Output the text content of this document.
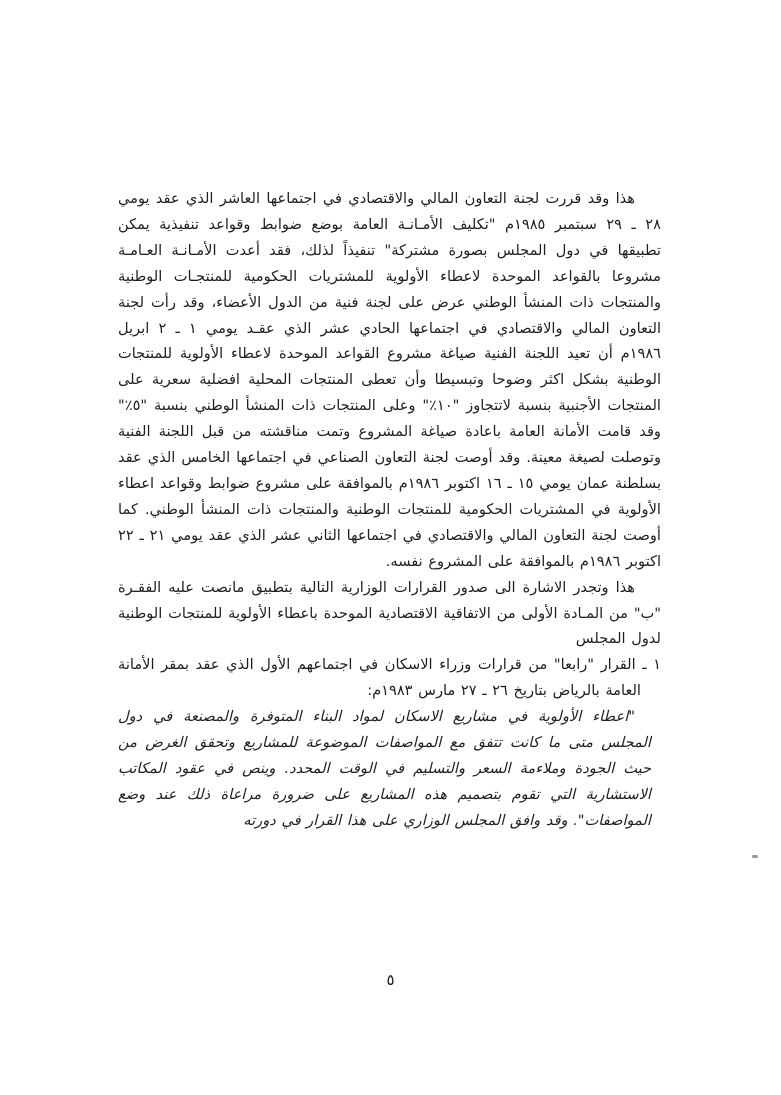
هذا وقد قررت لجنة التعاون المالي والاقتصادي في اجتماعها العاشر الذي عقد يومي ٢٨ ـ ٢٩ سبتمبر ١٩٨٥م "تكليف الأمـانـة العامة بوضع ضوابط وقواعد تنفيذية يمكن تطبيقها في دول المجلس بصورة مشتركة" تنفيذاً لذلك، فقد أعدت الأمـانـة العـامـة مشروعا بالقواعد الموحدة لاعطاء الأولوية للمشتريات الحكومية للمنتجـات الوطنية والمنتجات ذات المنشأ الوطني عرض على لجنة فنية من الدول الأعضاء، وقد رأت لجنة التعاون المالي والاقتصادي في اجتماعها الحادي عشر الذي عقـد يومي ١ ـ ٢ ابريل ١٩٨٦م أن تعيد اللجنة الفنية صياغة مشروع القواعد الموحدة لاعطاء الأولوية للمنتجات الوطنية بشكل اكثر وضوحا وتبسيطا وأن تعطى المنتجات المحلية افضلية سعرية على المنتجات الأجنبية بنسبة لاتتجاوز "١٠٪" وعلى المنتجات ذات المنشأ الوطني بنسبة "٥٪" وقد قامت الأمانة العامة باعادة صياغة المشروع وتمت مناقشته من قبل اللجنة الفنية وتوصلت لصيغة معينة. وقد أوصت لجنة التعاون الصناعي في اجتماعها الخامس الذي عقد بسلطنة عمان يومي ١٥ ـ ١٦ اكتوبر ١٩٨٦م بالموافقة على مشروع ضوابط وقواعد اعطاء الأولوية في المشتريات الحكومية للمنتجات الوطنية والمنتجات ذات المنشأ الوطني. كما أوصت لجنة التعاون المالي والاقتصادي في اجتماعها الثاني عشر الذي عقد يومي ٢١ ـ ٢٢ اكتوبر ١٩٨٦م بالموافقة على المشروع نفسه.

هذا وتجدر الاشارة الى صدور القرارات الوزارية التالية بتطبيق مانصت عليه الفقـرة "ب" من المـادة الأولى من الاتفاقية الاقتصادية الموحدة باعطاء الأولوية للمنتجات الوطنية لدول المجلس

١ ـ القرار "رابعا" من قرارات وزراء الاسكان في اجتماعهم الأول الذي عقد بمقر الأمانة العامة بالرياض بتاريخ ٢٦ ـ ٢٧ مارس ١٩٨٣م:

"اعطاء الأولوية في مشاريع الاسكان لمواد البناء المتوفرة والمصنعة في دول المجلس متى ما كانت تتفق مع المواصفات الموضوعة للمشاريع وتحقق الغرض من حيث الجودة وملاءمة السعر والتسليم في الوقت المحدد. وينص في عقود المكاتب الاستشارية التي تقوم بتصميم هذه المشاريع على ضرورة مراعاة ذلك عند وضع المواصفات". وقد وافق المجلس الوزاري على هذا القرار في دورته

٥
